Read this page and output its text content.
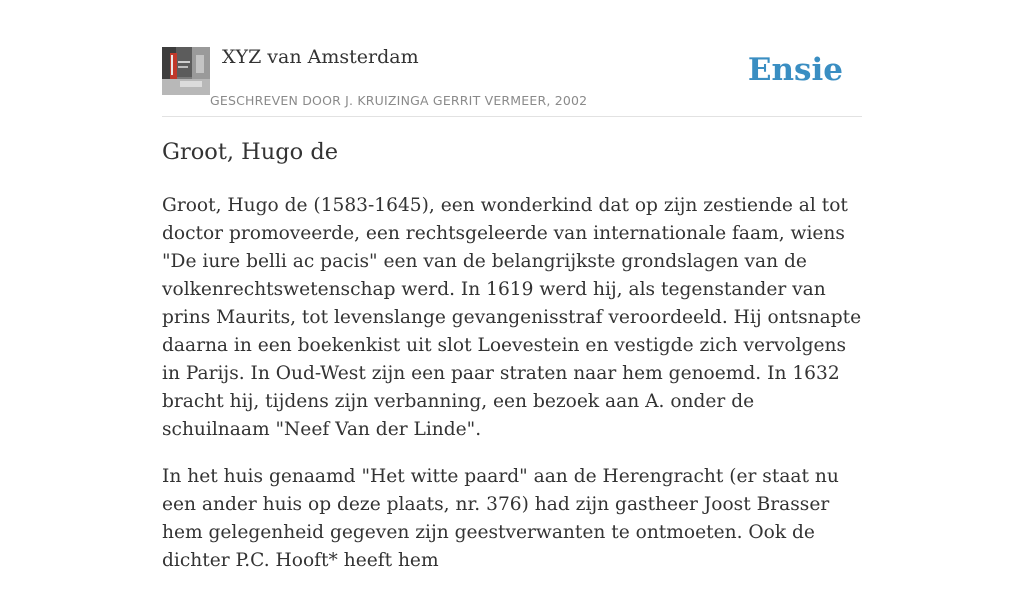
XYZ van Amsterdam
GESCHREVEN DOOR J. KRUIZINGA GERRIT VERMEER, 2002
Ensie
Groot, Hugo de

Groot, Hugo de (1583-1645), een wonderkind dat op zijn zestiende al tot doctor promoveerde, een rechtsgeleerde van internationale faam, wiens "De iure belli ac pacis" een van de belangrijkste grondslagen van de volkenrechtswetenschap werd. In 1619 werd hij, als tegenstander van prins Maurits, tot levenslange gevangenisstraf veroordeeld. Hij ontsnapte daarna in een boekenkist uit slot Loevestein en vestigde zich vervolgens in Parijs. In Oud-West zijn een paar straten naar hem genoemd. In 1632 bracht hij, tijdens zijn verbanning, een bezoek aan A. onder de schuilnaam "Neef Van der Linde".

In het huis genaamd "Het witte paard" aan de Herengracht (er staat nu een ander huis op deze plaats, nr. 376) had zijn gastheer Joost Brasser hem gelegenheid gegeven zijn geestverwanten te ontmoeten. Ook de dichter P.C. Hooft* heeft hem
